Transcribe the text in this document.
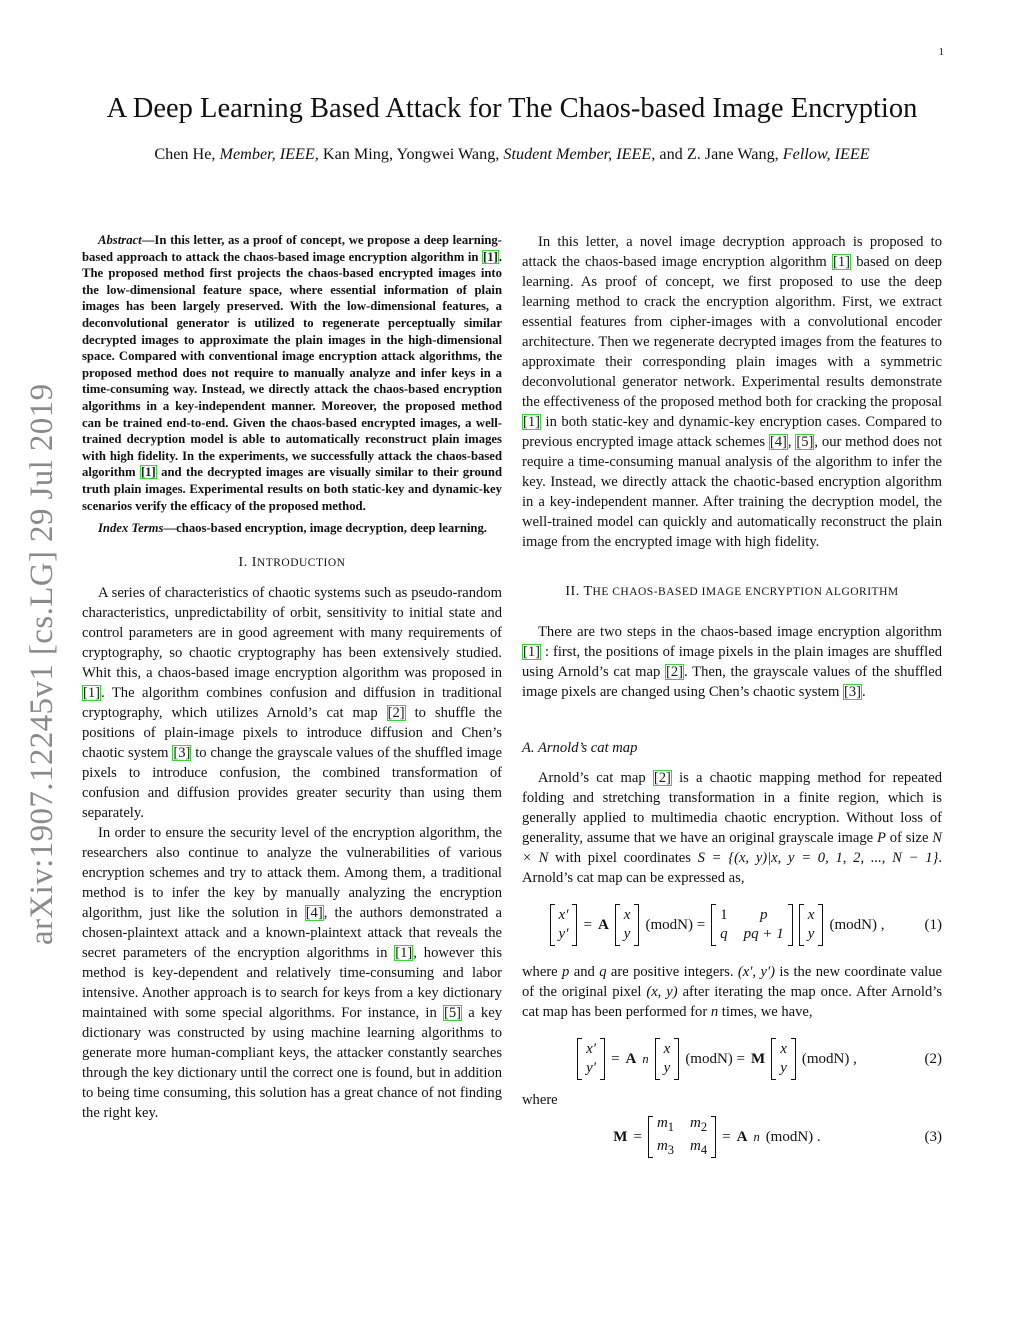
1
arXiv:1907.12245v1 [cs.LG] 29 Jul 2019
A Deep Learning Based Attack for The Chaos-based Image Encryption
Chen He, Member, IEEE, Kan Ming, Yongwei Wang, Student Member, IEEE, and Z. Jane Wang, Fellow, IEEE
Abstract—In this letter, as a proof of concept, we propose a deep learning-based approach to attack the chaos-based image encryption algorithm in [1]. The proposed method first projects the chaos-based encrypted images into the low-dimensional feature space, where essential information of plain images has been largely preserved. With the low-dimensional features, a deconvolutional generator is utilized to regenerate perceptually similar decrypted images to approximate the plain images in the high-dimensional space. Compared with conventional image encryption attack algorithms, the proposed method does not require to manually analyze and infer keys in a time-consuming way. Instead, we directly attack the chaos-based encryption algorithms in a key-independent manner. Moreover, the proposed method can be trained end-to-end. Given the chaos-based encrypted images, a well-trained decryption model is able to automatically reconstruct plain images with high fidelity. In the experiments, we successfully attack the chaos-based algorithm [1] and the decrypted images are visually similar to their ground truth plain images. Experimental results on both static-key and dynamic-key scenarios verify the efficacy of the proposed method.
Index Terms—chaos-based encryption, image decryption, deep learning.
I. INTRODUCTION

A series of characteristics of chaotic systems such as pseudo-random characteristics, unpredictability of orbit, sensitivity to initial state and control parameters are in good agreement with many requirements of cryptography, so chaotic cryptography has been extensively studied. Whit this, a chaos-based image encryption algorithm was proposed in [1]. The algorithm combines confusion and diffusion in traditional cryptography, which utilizes Arnold’s cat map [2] to shuffle the positions of plain-image pixels to introduce diffusion and Chen’s chaotic system [3] to change the grayscale values of the shuffled image pixels to introduce confusion, the combined transformation of confusion and diffusion provides greater security than using them separately.

In order to ensure the security level of the encryption algorithm, the researchers also continue to analyze the vulnerabilities of various encryption schemes and try to attack them. Among them, a traditional method is to infer the key by manually analyzing the encryption algorithm, just like the solution in [4], the authors demonstrated a chosen-plaintext attack and a known-plaintext attack that reveals the secret parameters of the encryption algorithms in [1], however this method is key-dependent and relatively time-consuming and labor intensive. Another approach is to search for keys from a key dictionary maintained with some special algorithms. For instance, in [5] a key dictionary was constructed by using machine learning algorithms to generate more human-compliant keys, the attacker constantly searches through the key dictionary until the correct one is found, but in addition to being time consuming, this solution has a great chance of not finding the right key.

In this letter, a novel image decryption approach is proposed to attack the chaos-based image encryption algorithm [1] based on deep learning. As proof of concept, we first proposed to use the deep learning method to crack the encryption algorithm. First, we extract essential features from cipher-images with a convolutional encoder architecture. Then we regenerate decrypted images from the features to approximate their corresponding plain images with a symmetric deconvolutional generator network. Experimental results demonstrate the effectiveness of the proposed method both for cracking the proposal [1] in both static-key and dynamic-key encryption cases. Compared to previous encrypted image attack schemes [4], [5], our method does not require a time-consuming manual analysis of the algorithm to infer the key. Instead, we directly attack the chaotic-based encryption algorithm in a key-independent manner. After training the decryption model, the well-trained model can quickly and automatically reconstruct the plain image from the encrypted image with high fidelity.

II. THE CHAOS-BASED IMAGE ENCRYPTION ALGORITHM

There are two steps in the chaos-based image encryption algorithm [1] : first, the positions of image pixels in the plain images are shuffled using Arnold’s cat map [2]. Then, the grayscale values of the shuffled image pixels are changed using Chen’s chaotic system [3].

A. Arnold’s cat map

Arnold’s cat map [2] is a chaotic mapping method for repeated folding and stretching transformation in a finite region, which is generally applied to multimedia chaotic encryption. Without loss of generality, assume that we have an original grayscale image P of size N × N with pixel coordinates S = {(x, y)|x, y = 0, 1, 2, ..., N − 1}. Arnold’s cat map can be expressed as,

x′
y′
= A
x
y
(modN) =
1	p
q pq + 1
x
y
(modN) ,	(1)

where p and q are positive integers. (x′, y′) is the new coordinate value of the original pixel (x, y) after iterating the map once. After Arnold’s cat map has been performed for n times, we have,

x′
y′
= A n
x
y
(modN) = M
x
y
(modN) ,	(2)
where
M =
$m_1$ $m_2$
$m_3$ $m_4$
= A n (modN) .	(3)
